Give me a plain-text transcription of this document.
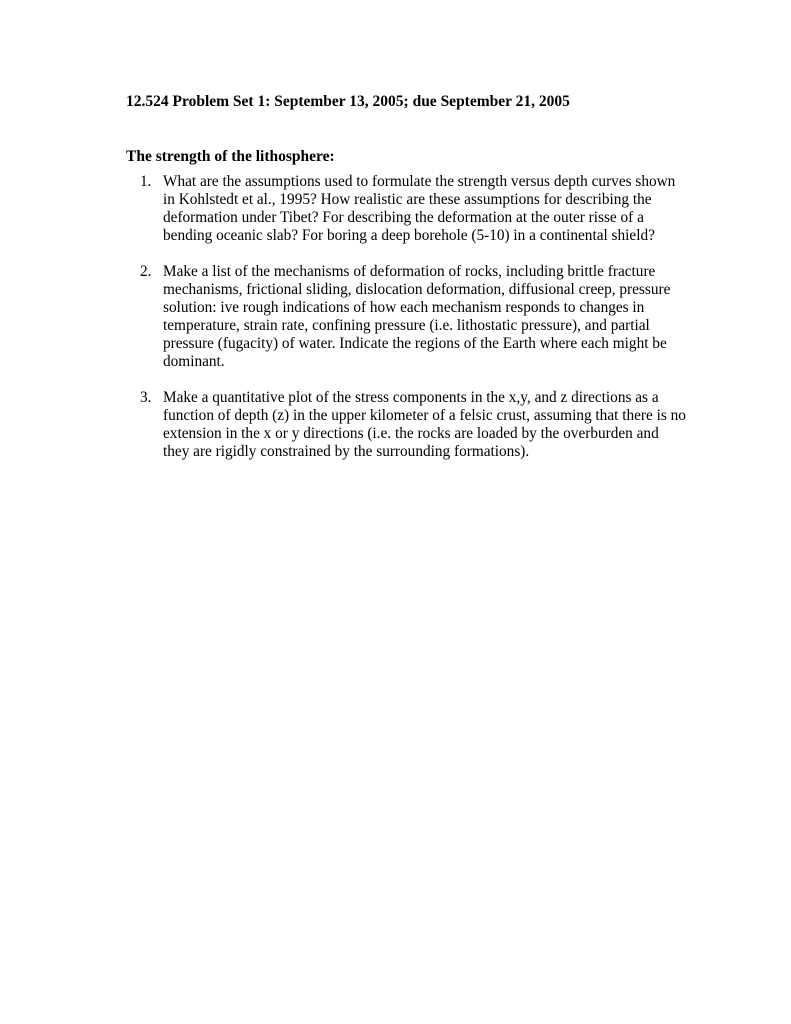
12.524 Problem Set 1: September 13, 2005; due September 21, 2005

The strength of the lithosphere:

1. What are the assumptions used to formulate the strength versus depth curves shown in Kohlstedt et al., 1995? How realistic are these assumptions for describing the deformation under Tibet? For describing the deformation at the outer risse of a bending oceanic slab? For boring a deep borehole (5-10) in a continental shield?
2. Make a list of the mechanisms of deformation of rocks, including brittle fracture mechanisms, frictional sliding, dislocation deformation, diffusional creep, pressure solution: ive rough indications of how each mechanism responds to changes in temperature, strain rate, confining pressure (i.e. lithostatic pressure), and partial pressure (fugacity) of water. Indicate the regions of the Earth where each might be dominant.
3. Make a quantitative plot of the stress components in the x,y, and z directions as a function of depth (z) in the upper kilometer of a felsic crust, assuming that there is no extension in the x or y directions (i.e. the rocks are loaded by the overburden and they are rigidly constrained by the surrounding formations).
